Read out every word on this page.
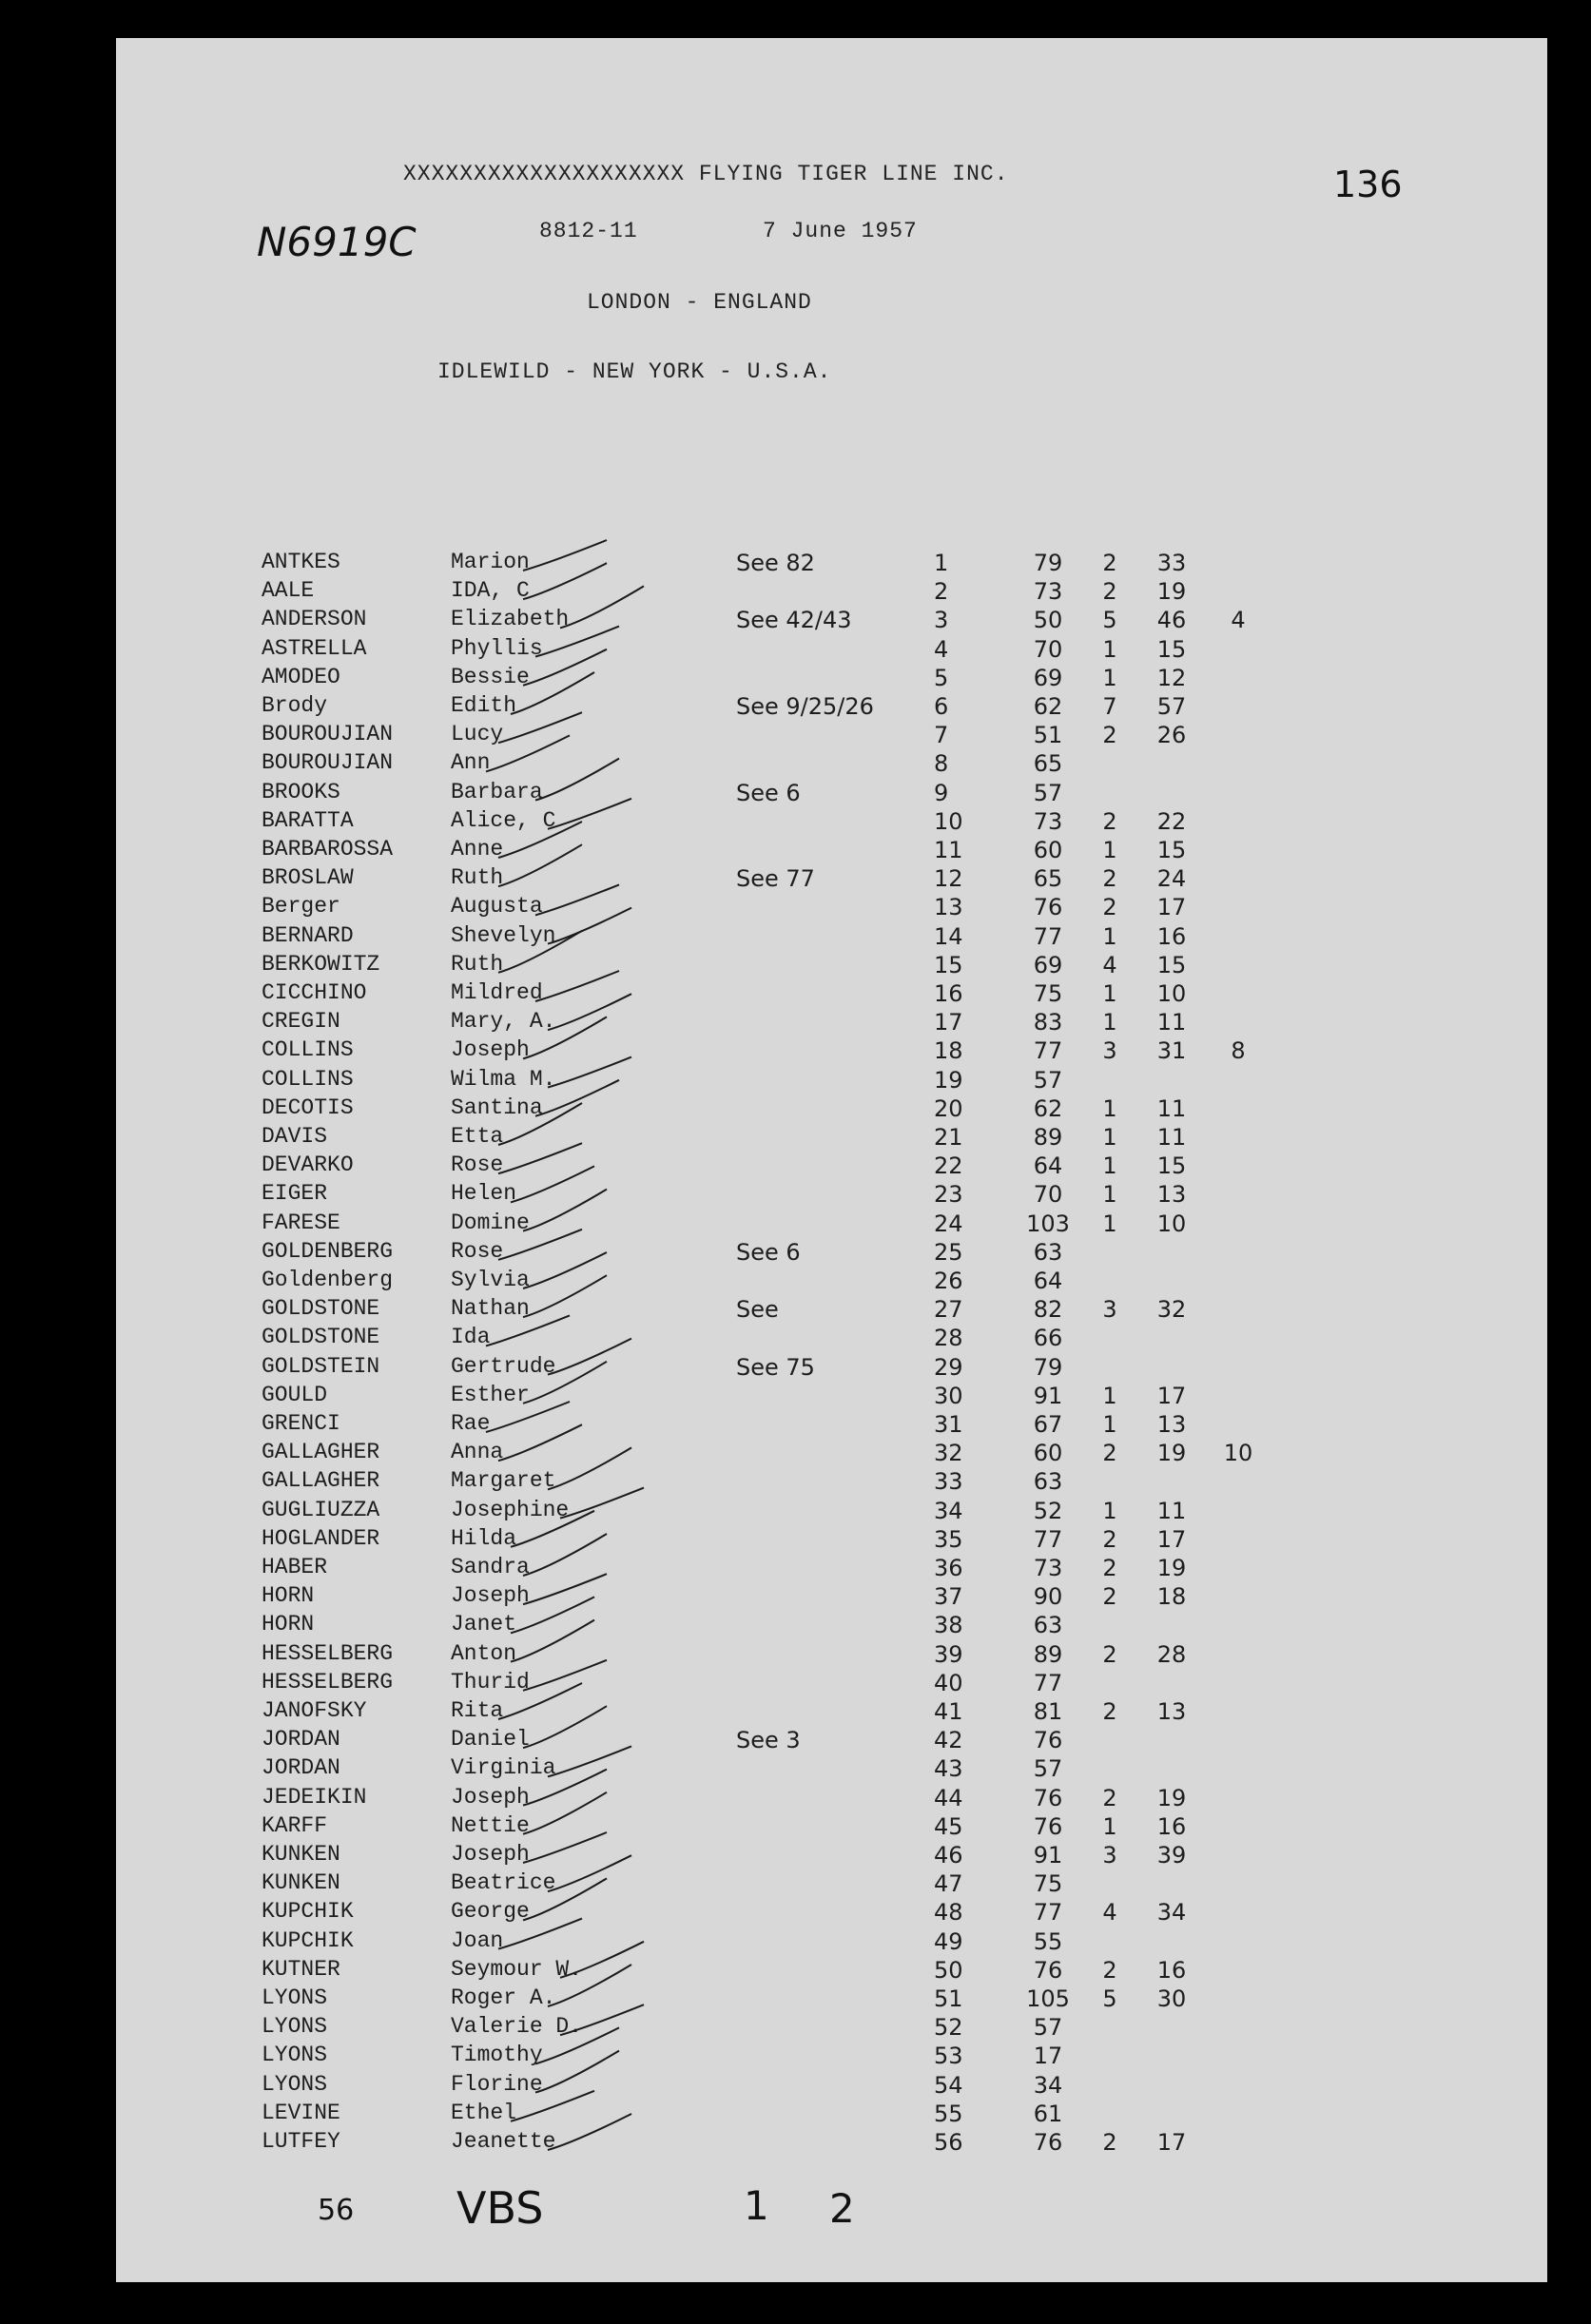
XXXXXXXXXXXXXXXXXXXX FLYING TIGER LINE INC.	136
N6919C	8812-11	7 June 1957
LONDON - ENGLAND
IDLEWILD - NEW YORK - U.S.A.
ANTKES	Marion	See 82	1	79	2	33
AALE	IDA, C	2	73	2	19
ANDERSON	Elizabeth	See 42/43	3	50	5	46	4
ASTRELLA	Phyllis	4	70	1	15
AMODEO	Bessie	5	69	1	12
Brody	Edith	See 9/25/26	6	62	7	57
BOUROUJIAN	Lucy	7	51	2	26
BOUROUJIAN	Ann	8	65
BROOKS	Barbara	See 6	9	57
BARATTA	Alice, C	10	73	2	22
BARBAROSSA	Anne	11	60	1	15
BROSLAW	Ruth	See 77	12	65	2	24
Berger	Augusta	13	76	2	17
BERNARD	Shevelyn	14	77	1	16
BERKOWITZ	Ruth	15	69	4	15
CICCHINO	Mildred	16	75	1	10
CREGIN	Mary, A.	17	83	1	11
COLLINS	Joseph	18	77	3	31	8
COLLINS	Wilma M.	19	57
DECOTIS	Santina	20	62	1	11
DAVIS	Etta	21	89	1	11
DEVARKO	Rose	22	64	1	15
EIGER	Helen	23	70	1	13
FARESE	Domine	24	103	1	10
GOLDENBERG	Rose	See 6	25	63
Goldenberg	Sylvia	26	64
GOLDSTONE	Nathan	See	27	82	3	32
GOLDSTONE	Ida	28	66
GOLDSTEIN	Gertrude	See 75	29	79
GOULD	Esther	30	91	1	17
GRENCI	Rae	31	67	1	13
GALLAGHER	Anna	32	60	2	19	10
GALLAGHER	Margaret	33	63
GUGLIUZZA	Josephine	34	52	1	11
HOGLANDER	Hilda	35	77	2	17
HABER	Sandra	36	73	2	19
HORN	Joseph	37	90	2	18
HORN	Janet	38	63
HESSELBERG	Anton	39	89	2	28
HESSELBERG	Thurid	40	77
JANOFSKY	Rita	41	81	2	13
JORDAN	Daniel	See 3	42	76
JORDAN	Virginia	43	57
JEDEIKIN	Joseph	44	76	2	19
KARFF	Nettie	45	76	1	16
KUNKEN	Joseph	46	91	3	39
KUNKEN	Beatrice	47	75
KUPCHIK	George	48	77	4	34
KUPCHIK	Joan	49	55
KUTNER	Seymour W.	50	76	2	16
LYONS	Roger A.	51	105	5	30
LYONS	Valerie D.	52	57
LYONS	Timothy	53	17
LYONS	Florine	54	34
LEVINE	Ethel	55	61
LUTFEY	Jeanette	56	76	2	17
56 VBS	1 2
